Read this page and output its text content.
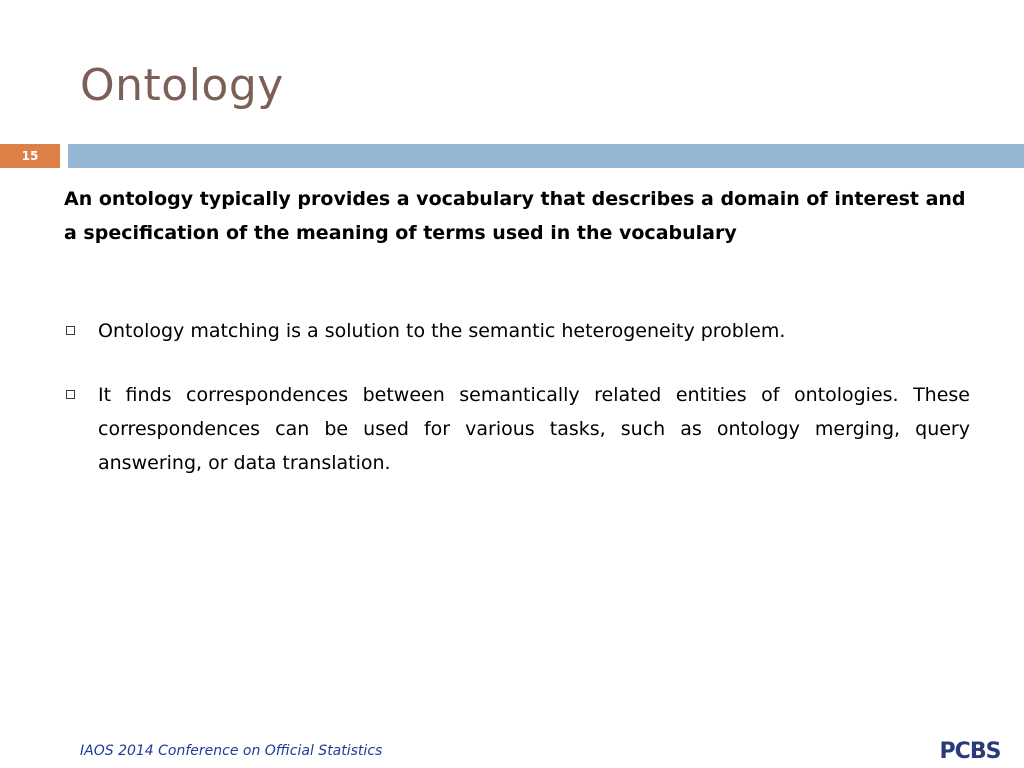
Ontology
15

An ontology typically provides a vocabulary that describes a domain of interest and a specification of the meaning of terms used in the vocabulary

Ontology matching is a solution to the semantic heterogeneity problem.
It finds correspondences between semantically related entities of ontologies. These correspondences can be used for various tasks, such as ontology merging, query answering, or data translation.
IAOS 2014 Conference on Official Statistics	PCBS
